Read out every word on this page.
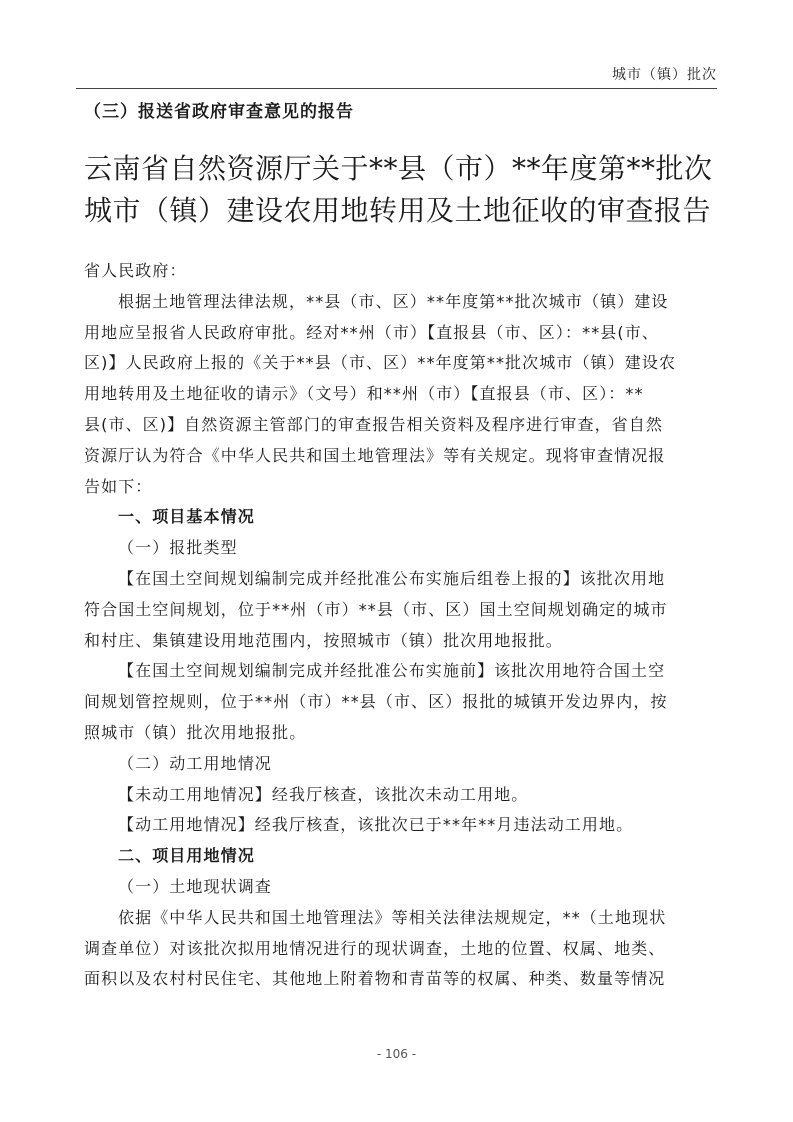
城市（镇）批次
（三）报送省政府审查意见的报告
云南省自然资源厅关于**县（市）**年度第**批次
城市（镇）建设农用地转用及土地征收的审查报告
省人民政府：
根据土地管理法律法规，**县（市、区）**年度第**批次城市（镇）建设
用地应呈报省人民政府审批。经对**州（市）【直报县（市、区）：**县(市、
区)】人民政府上报的《关于**县（市、区）**年度第**批次城市（镇）建设农
用地转用及土地征收的请示》（文号）和**州（市）【直报县（市、区）：**
县(市、区)】自然资源主管部门的审查报告相关资料及程序进行审查，省自然
资源厅认为符合《中华人民共和国土地管理法》等有关规定。现将审查情况报
告如下：
一、项目基本情况
（一）报批类型
【在国土空间规划编制完成并经批准公布实施后组卷上报的】该批次用地
符合国土空间规划，位于**州（市）**县（市、区）国土空间规划确定的城市
和村庄、集镇建设用地范围内，按照城市（镇）批次用地报批。
【在国土空间规划编制完成并经批准公布实施前】该批次用地符合国土空
间规划管控规则，位于**州（市）**县（市、区）报批的城镇开发边界内，按
照城市（镇）批次用地报批。
（二）动工用地情况
【未动工用地情况】经我厅核查，该批次未动工用地。
【动工用地情况】经我厅核查，该批次已于**年**月违法动工用地。
二、项目用地情况
（一）土地现状调查
依据《中华人民共和国土地管理法》等相关法律法规规定，**（土地现状
调查单位）对该批次拟用地情况进行的现状调查，土地的位置、权属、地类、
面积以及农村村民住宅、其他地上附着物和青苗等的权属、种类、数量等情况
- 106 -
